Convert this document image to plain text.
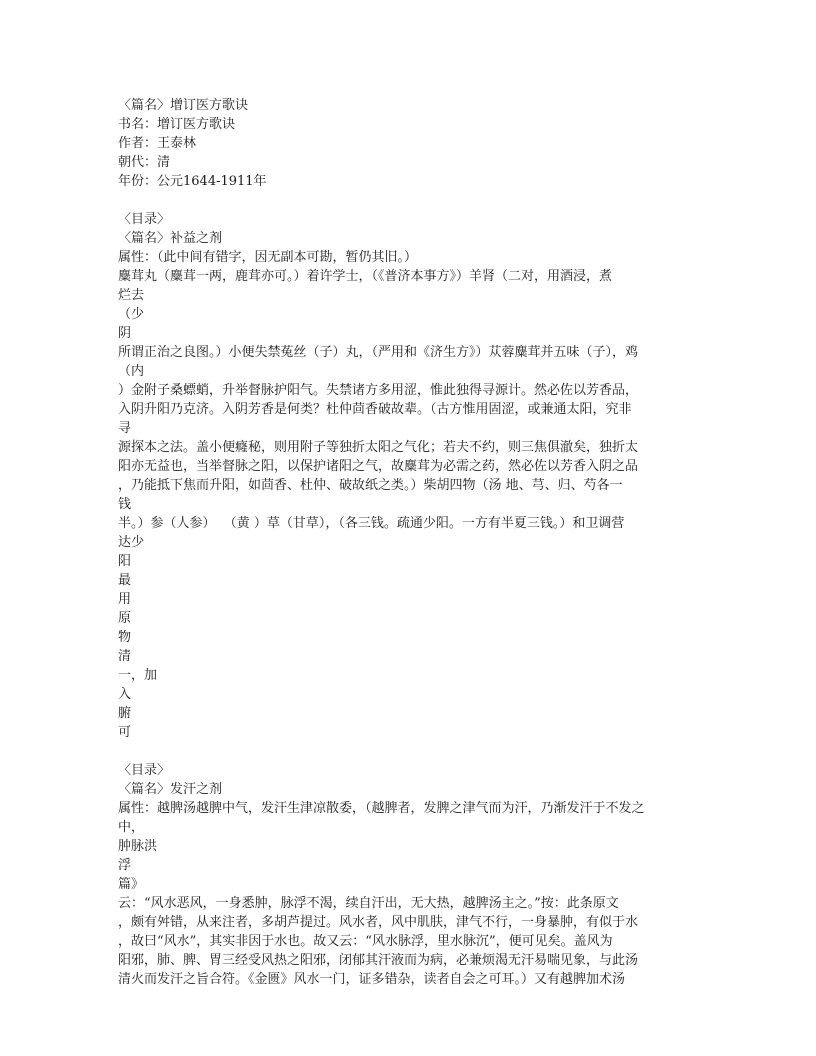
〈篇名〉增订医方歌诀
书名：增订医方歌诀
作者：王泰林
朝代：清
年份：公元1644-1911年
〈目录〉
〈篇名〉补益之剂
属性：（此中间有错字，因无副本可勘，暂仍其旧。）
麋茸丸（麋茸一两，鹿茸亦可。）着许学士，（《普济本事方》）羊肾（二对，用酒浸，煮
烂去
（少
阴
所谓正治之良图。）小便失禁菟丝（子）丸，（严用和《济生方》）苁蓉麋茸并五味（子），鸡
（内
）金附子桑螵蛸，升举督脉护阳气。失禁诸方多用涩，惟此独得寻源计。然必佐以芳香品，
入阴升阳乃克济。入阴芳香是何类？杜仲茴香破故辈。（古方惟用固涩，或兼通太阳，究非
寻
源探本之法。盖小便癃秘，则用附子等独折太阳之气化；若夫不约，则三焦俱澈矣，独折太
阳亦无益也，当举督脉之阳，以保护诸阳之气，故麋茸为必需之药，然必佐以芳香入阴之品
，乃能抵下焦而升阳，如茴香、杜仲、破故纸之类。）柴胡四物（汤 地、芎、归、芍各一
钱
半。）参（人参）  （黄 ）草（甘草），（各三钱。疏通少阳。一方有半夏三钱。）和卫调营
达少
阳
最
用
原
物
清
一，加
入
腑
可
〈目录〉
〈篇名〉发汗之剂
属性：越脾汤越脾中气，发汗生津凉散委，（越脾者，发脾之津气而为汗，乃渐发汗于不发之
中，
肿脉洪
浮
篇》
云：“风水恶风，一身悉肿，脉浮不渴，续自汗出，无大热，越脾汤主之。”按：此条原文
，颇有舛错，从来注者，多胡芦提过。风水者，风中肌肤，津气不行，一身暴肿，有似于水
，故曰“风水”，其实非因于水也。故又云：“风水脉浮，里水脉沉”，便可见矣。盖风为
阳邪，肺、脾、胃三经受风热之阳邪，闭郁其汗液而为病，必兼烦渴无汗易喘见象，与此汤
清火而发汗之旨合符。《金匮》风水一门，证多错杂，读者自会之可耳。）又有越脾加术汤
